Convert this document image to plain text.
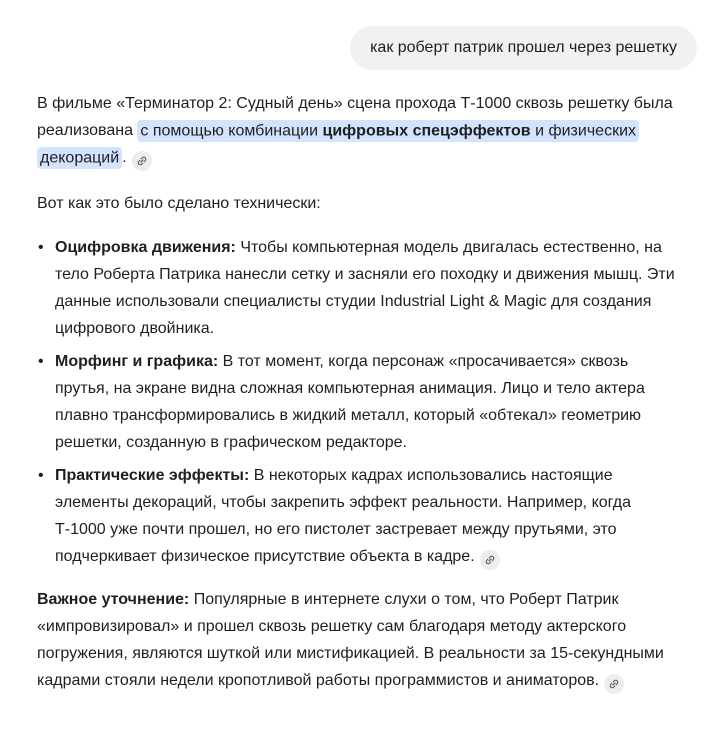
как роберт патрик прошел через решетку

В фильме «Терминатор 2: Судный день» сцена прохода Т-1000 сквозь решетку была реализована с помощью комбинации цифровых спецэффектов и физических декораций .

Вот как это было сделано технически:

• Оцифровка движения: Чтобы компьютерная модель двигалась естественно, на тело Роберта Патрика нанесли сетку и засняли его походку и движения мышц. Эти данные использовали специалисты студии Industrial Light & Magic для создания цифрового двойника.
• Морфинг и графика: В тот момент, когда персонаж «просачивается» сквозь прутья, на экране видна сложная компьютерная анимация. Лицо и тело актера плавно трансформировались в жидкий металл, который «обтекал» геометрию решетки, созданную в графическом редакторе.
• Практические эффекты: В некоторых кадрах использовались настоящие элементы декораций, чтобы закрепить эффект реальности. Например, когда Т-1000 уже почти прошел, но его пистолет застревает между прутьями, это подчеркивает физическое присутствие объекта в кадре.

Важное уточнение: Популярные в интернете слухи о том, что Роберт Патрик «импровизировал» и прошел сквозь решетку сам благодаря методу актерского погружения, являются шуткой или мистификацией. В реальности за 15-секундными кадрами стояли недели кропотливой работы программистов и аниматоров.
